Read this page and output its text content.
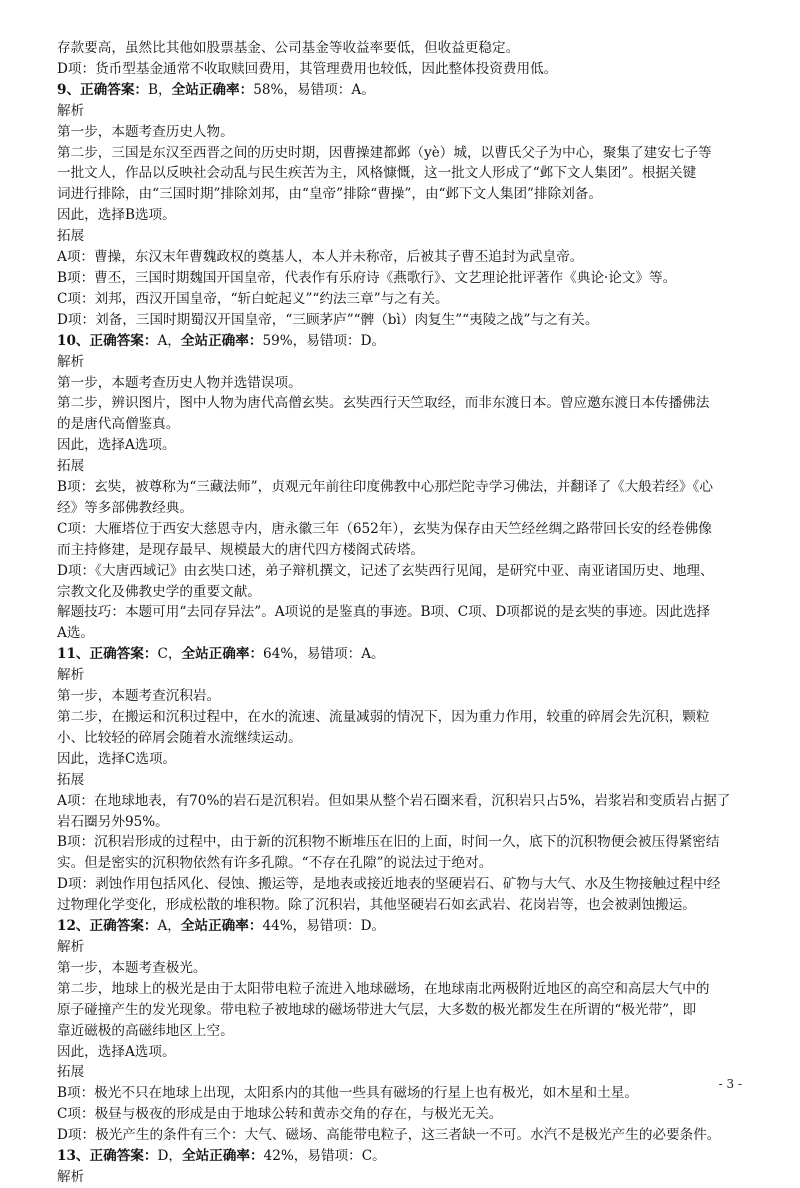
存款要高，虽然比其他如股票基金、公司基金等收益率要低，但收益更稳定。
D项：货币型基金通常不收取赎回费用，其管理费用也较低，因此整体投资费用低。
9、正确答案：B，全站正确率：58%，易错项：A。
解析
第一步，本题考查历史人物。
第二步，三国是东汉至西晋之间的历史时期，因曹操建都邺（yè）城，以曹氏父子为中心，聚集了建安七子等
一批文人，作品以反映社会动乱与民生疾苦为主，风格慷慨，这一批文人形成了“邺下文人集团”。根据关键
词进行排除，由“三国时期”排除刘邦，由“皇帝”排除“曹操”，由“邺下文人集团”排除刘备。
因此，选择B选项。
拓展
A项：曹操，东汉末年曹魏政权的奠基人，本人并未称帝，后被其子曹丕追封为武皇帝。
B项：曹丕，三国时期魏国开国皇帝，代表作有乐府诗《燕歌行》、文艺理论批评著作《典论·论文》等。
C项：刘邦，西汉开国皇帝，“斩白蛇起义”“约法三章”与之有关。
D项：刘备，三国时期蜀汉开国皇帝，“三顾茅庐”“髀（bì）肉复生”“夷陵之战”与之有关。
10、正确答案：A，全站正确率：59%，易错项：D。
解析
第一步，本题考查历史人物并选错误项。
第二步，辨识图片，图中人物为唐代高僧玄奘。玄奘西行天竺取经，而非东渡日本。曾应邀东渡日本传播佛法
的是唐代高僧鉴真。
因此，选择A选项。
拓展
B项：玄奘，被尊称为“三藏法师”，贞观元年前往印度佛教中心那烂陀寺学习佛法，并翻译了《大般若经》《心
经》等多部佛教经典。
C项：大雁塔位于西安大慈恩寺内，唐永徽三年（652年），玄奘为保存由天竺经丝绸之路带回长安的经卷佛像
而主持修建，是现存最早、规模最大的唐代四方楼阁式砖塔。
D项：《大唐西域记》由玄奘口述，弟子辩机撰文，记述了玄奘西行见闻，是研究中亚、南亚诸国历史、地理、
宗教文化及佛教史学的重要文献。
解题技巧：本题可用“去同存异法”。A项说的是鉴真的事迹。B项、C项、D项都说的是玄奘的事迹。因此选择
A选。
11、正确答案：C，全站正确率：64%，易错项：A。
解析
第一步，本题考查沉积岩。
第二步，在搬运和沉积过程中，在水的流速、流量减弱的情况下，因为重力作用，较重的碎屑会先沉积，颗粒
小、比较轻的碎屑会随着水流继续运动。
因此，选择C选项。
拓展
A项：在地球地表，有70%的岩石是沉积岩。但如果从整个岩石圈来看，沉积岩只占5%，岩浆岩和变质岩占据了
岩石圈另外95%。
B项：沉积岩形成的过程中，由于新的沉积物不断堆压在旧的上面，时间一久，底下的沉积物便会被压得紧密结
实。但是密实的沉积物依然有许多孔隙。“不存在孔隙”的说法过于绝对。
D项：剥蚀作用包括风化、侵蚀、搬运等，是地表或接近地表的坚硬岩石、矿物与大气、水及生物接触过程中经
过物理化学变化，形成松散的堆积物。除了沉积岩，其他坚硬岩石如玄武岩、花岗岩等，也会被剥蚀搬运。
12、正确答案：A，全站正确率：44%，易错项：D。
解析
第一步，本题考查极光。
第二步，地球上的极光是由于太阳带电粒子流进入地球磁场，在地球南北两极附近地区的高空和高层大气中的
原子碰撞产生的发光现象。带电粒子被地球的磁场带进大气层，大多数的极光都发生在所谓的“极光带”，即
靠近磁极的高磁纬地区上空。
因此，选择A选项。
拓展
B项：极光不只在地球上出现，太阳系内的其他一些具有磁场的行星上也有极光，如木星和土星。
C项：极昼与极夜的形成是由于地球公转和黄赤交角的存在，与极光无关。
D项：极光产生的条件有三个：大气、磁场、高能带电粒子，这三者缺一不可。水汽不是极光产生的必要条件。
13、正确答案：D，全站正确率：42%，易错项：C。
解析
- 3 -
